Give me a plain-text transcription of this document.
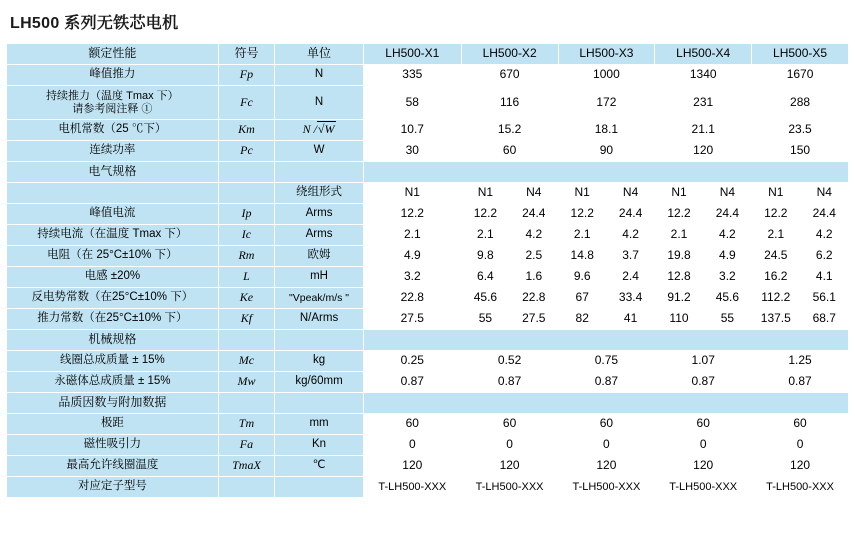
LH500 系列无铁芯电机
额定性能	符号	单位	LH500-X1	LH500-X2		LH500-X3		LH500-X4		LH500-X5	
峰值推力	Fp	N	335	670		1000		1340		1670	

持续推力（温度 Tmax 下）
请参考阅注释 ①	Fc	N	58	116		172		231		288	
电机常数（25 ℃下）	Km	N /√W	10.7	15.2		18.1		21.1		23.5	
连续功率	Pc	W	30	60		90		120		150	
电气规格											
		绕组形式	N1	N1	N4	N1	N4	N1	N4	N1	N4
峰值电流	Ip	Arms	12.2	12.2	24.4	12.2	24.4	12.2	24.4	12.2	24.4
持续电流（在温度 Tmax 下）	Ic	Arms	2.1	2.1	4.2	2.1	4.2	2.1	4.2	2.1	4.2
电阻（在 25°C±10% 下）	Rm	欧姆	4.9	9.8	2.5	14.8	3.7	19.8	4.9	24.5	6.2
电感 ±20%	L	mH	3.2	6.4	1.6	9.6	2.4	12.8	3.2	16.2	4.1
反电势常数（在25°C±10% 下）	Ke	"Vpeak/m/s "	22.8	45.6	22.8	67	33.4	91.2	45.6	112.2	56.1
推力常数（在25°C±10% 下）	Kf	N/Arms	27.5	55	27.5	82	41	110	55	137.5	68.7
机械规格											
线圈总成质量 ± 15%	Mc	kg	0.25	0.52		0.75		1.07		1.25	
永磁体总成质量 ± 15%	Mw	kg/60mm	0.87	0.87		0.87		0.87		0.87	
品质因数与附加数据											
极距	Tm	mm	60	60		60		60		60	
磁性吸引力	Fa	Kn	0	0		0		0		0	
最高允许线圈温度	TmaX	℃	120	120		120		120		120	
对应定子型号			T-LH500-XXX	T-LH500-XXX		T-LH500-XXX		T-LH500-XXX		T-LH500-XXX	
